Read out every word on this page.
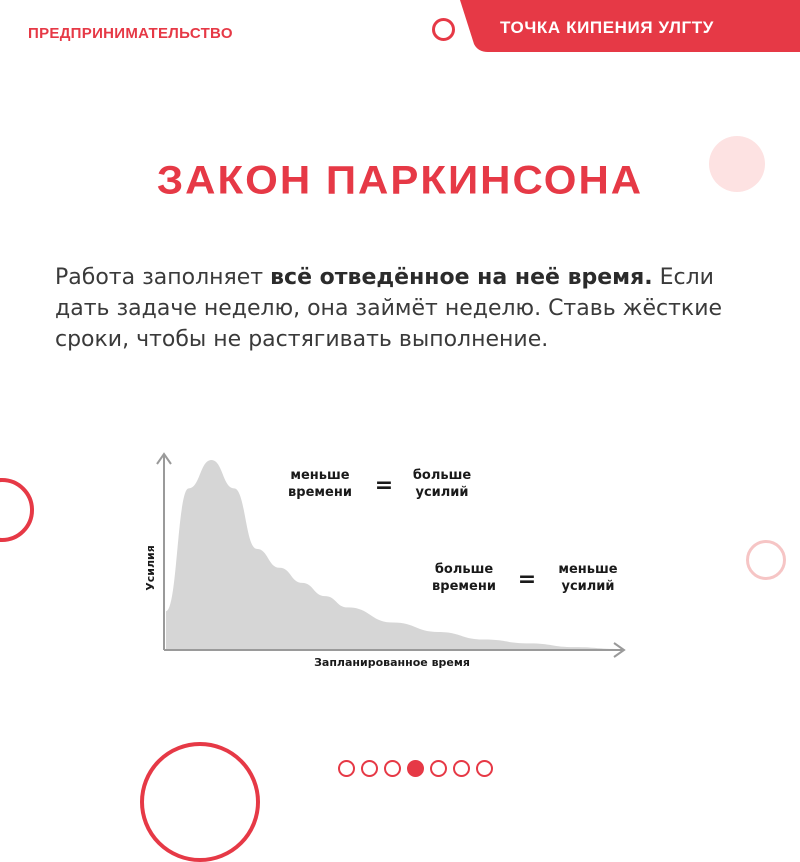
ПРЕДПРИНИМАТЕЛЬСТВО	ТОЧКА КИПЕНИЯ УЛГТУ
ЗАКОН ПАРКИНСОНА
Работа заполняет всё отведённое на неё время. Если дать задаче неделю, она займёт неделю. Ставь жёсткие сроки, чтобы не растягивать выполнение.
Усилия
Запланированное время
меньше времени = больше усилий
больше времени = меньше усилий
